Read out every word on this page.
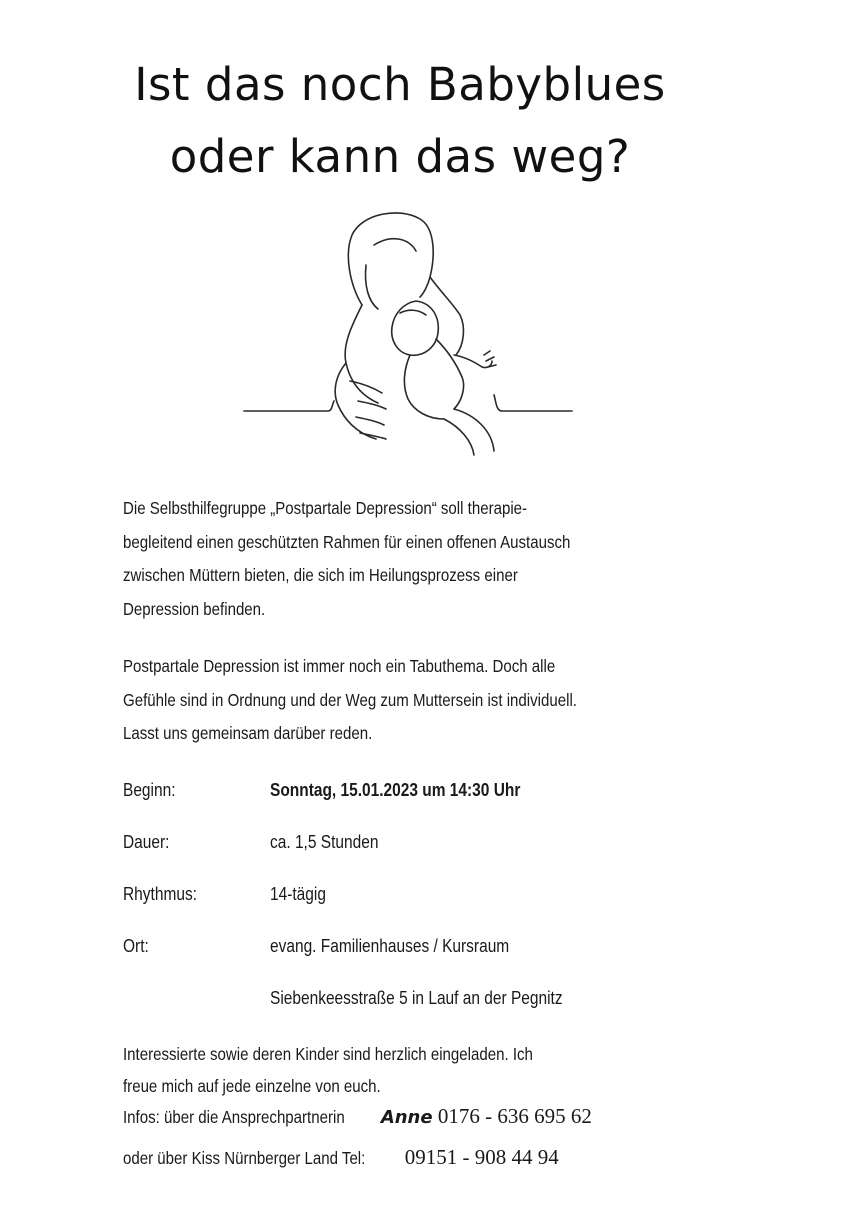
Ist das noch Babyblues
oder kann das weg?
Die Selbsthilfegruppe „Postpartale Depression“ soll therapie-
begleitend einen geschützten Rahmen für einen offenen Austausch
zwischen Müttern bieten, die sich im Heilungsprozess einer
Depression befinden.
Postpartale Depression ist immer noch ein Tabuthema. Doch alle
Gefühle sind in Ordnung und der Weg zum Muttersein ist individuell.
Lasst uns gemeinsam darüber reden.
Beginn:	Sonntag, 15.01.2023 um 14:30 Uhr
Dauer:	ca. 1,5 Stunden
Rhythmus:	14-tägig
Ort:	evang. Familienhauses / Kursraum
Siebenkeesstraße 5 in Lauf an der Pegnitz
Interessierte sowie deren Kinder sind herzlich eingeladen. Ich
freue mich auf jede einzelne von euch.
Infos: über die AnsprechpartnerinAnne 0176 - 636 695 62
oder über Kiss Nürnberger Land Tel:09151 - 908 44 94
